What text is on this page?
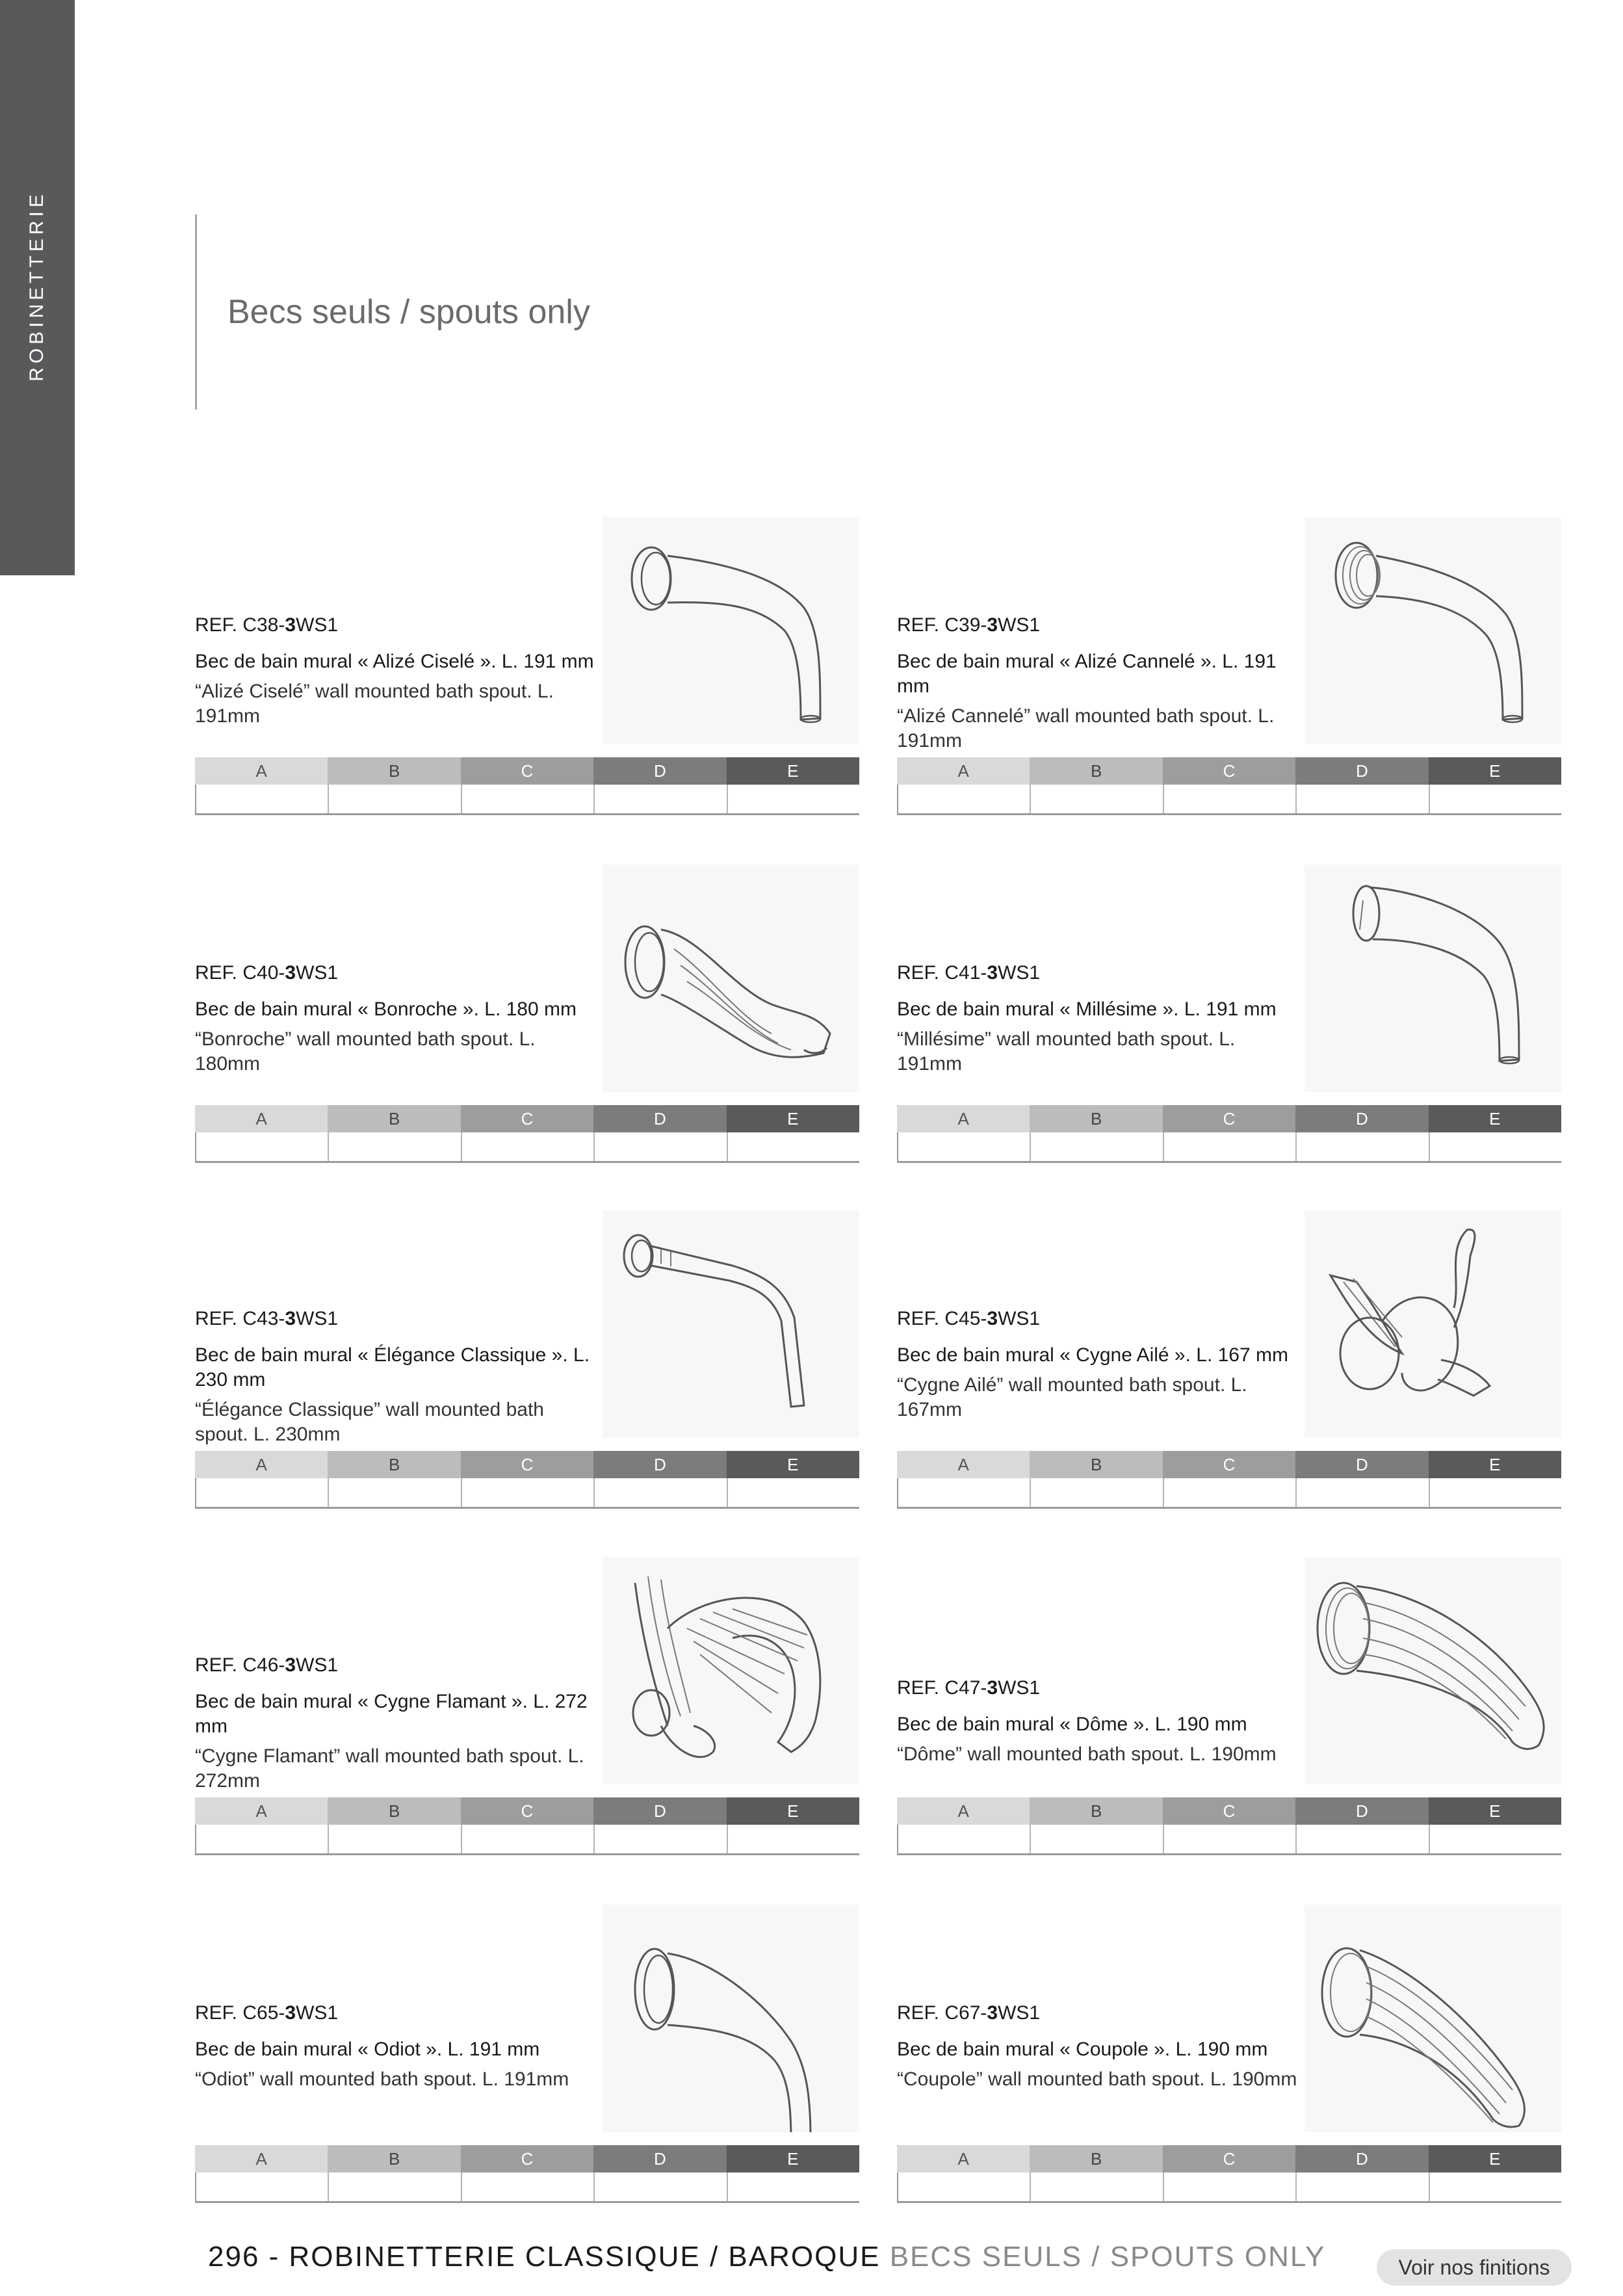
ROBINETTERIE	Becs seuls / spouts only
REF. C38-3WS1
Bec de bain mural « Alizé Ciselé ». L. 191 mm
“Alizé Ciselé” wall mounted bath spout. L. 191mm
A	B	C	D	E
REF. C39-3WS1
Bec de bain mural « Alizé Cannelé ». L. 191 mm
“Alizé Cannelé” wall mounted bath spout. L. 191mm
A	B	C	D	E
REF. C40-3WS1
Bec de bain mural « Bonroche ». L. 180 mm
“Bonroche” wall mounted bath spout. L. 180mm
A	B	C	D	E
REF. C41-3WS1
Bec de bain mural « Millésime ». L. 191 mm
“Millésime” wall mounted bath spout. L. 191mm
A	B	C	D	E
REF. C43-3WS1
Bec de bain mural « Élégance Classique ». L. 230 mm
“Élégance Classique” wall mounted bath spout. L. 230mm
A	B	C	D	E
REF. C45-3WS1
Bec de bain mural « Cygne Ailé ». L. 167 mm
“Cygne Ailé” wall mounted bath spout. L. 167mm
A	B	C	D	E
REF. C46-3WS1
Bec de bain mural « Cygne Flamant ». L. 272 mm
“Cygne Flamant” wall mounted bath spout. L. 272mm
A	B	C	D	E
REF. C47-3WS1
Bec de bain mural « Dôme ». L. 190 mm
“Dôme” wall mounted bath spout. L. 190mm
A	B	C	D	E
REF. C65-3WS1
Bec de bain mural « Odiot ». L. 191 mm
“Odiot” wall mounted bath spout. L. 191mm
A	B	C	D	E
REF. C67-3WS1
Bec de bain mural « Coupole ». L. 190 mm
“Coupole” wall mounted bath spout. L. 190mm
A	B	C	D	E
296 - ROBINETTERIE CLASSIQUE / BAROQUE BECS SEULS / SPOUTS ONLY	Voir nos finitions
